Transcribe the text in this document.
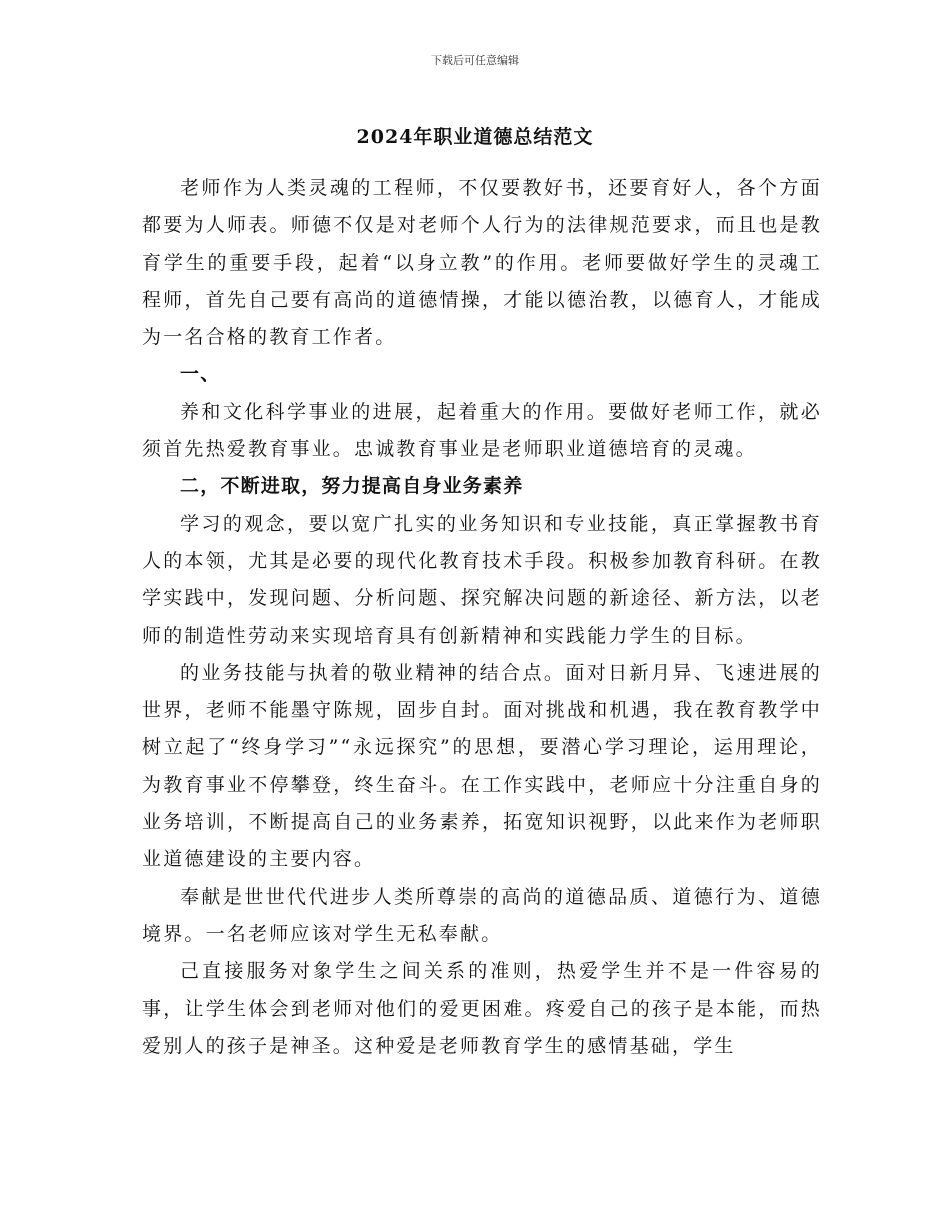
下载后可任意编辑
2024年职业道德总结范文

老师作为人类灵魂的工程师，不仅要教好书，还要育好人，各个方面都要为人师表。师德不仅是对老师个人行为的法律规范要求，而且也是教育学生的重要手段，起着“以身立教”的作用。老师要做好学生的灵魂工程师，首先自己要有高尚的道德情操，才能以德治教，以德育人，才能成为一名合格的教育工作者。

一、

养和文化科学事业的进展，起着重大的作用。要做好老师工作，就必须首先热爱教育事业。忠诚教育事业是老师职业道德培育的灵魂。

二，不断进取，努力提高自身业务素养

学习的观念，要以宽广扎实的业务知识和专业技能，真正掌握教书育人的本领，尤其是必要的现代化教育技术手段。积极参加教育科研。在教学实践中，发现问题、分析问题、探究解决问题的新途径、新方法，以老师的制造性劳动来实现培育具有创新精神和实践能力学生的目标。

的业务技能与执着的敬业精神的结合点。面对日新月异、飞速进展的世界，老师不能墨守陈规，固步自封。面对挑战和机遇，我在教育教学中树立起了“终身学习”“永远探究”的思想，要潜心学习理论，运用理论，为教育事业不停攀登，终生奋斗。在工作实践中，老师应十分注重自身的业务培训，不断提高自己的业务素养，拓宽知识视野，以此来作为老师职业道德建设的主要内容。

奉献是世世代代进步人类所尊崇的高尚的道德品质、道德行为、道德境界。一名老师应该对学生无私奉献。

己直接服务对象学生之间关系的准则，热爱学生并不是一件容易的事，让学生体会到老师对他们的爱更困难。疼爱自己的孩子是本能，而热爱别人的孩子是神圣。这种爱是老师教育学生的感情基础，学生
